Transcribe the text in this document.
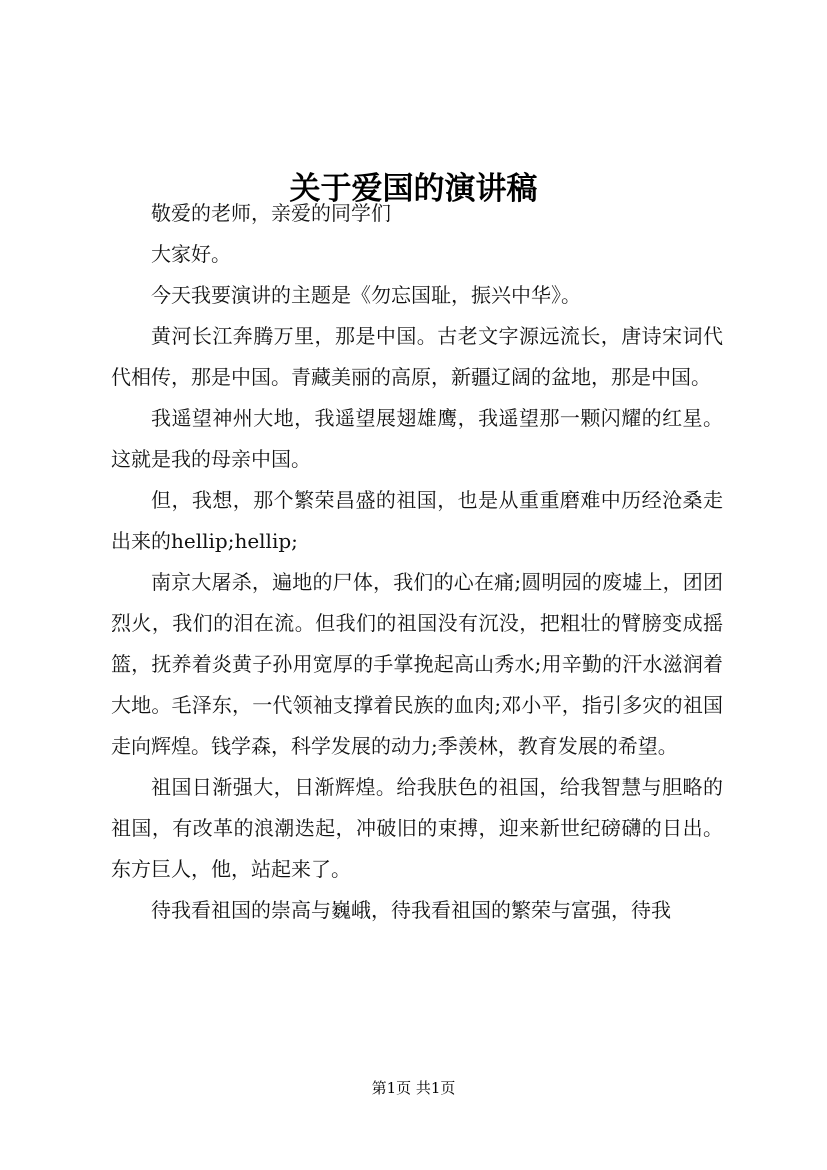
关于爱国的演讲稿

敬爱的老师，亲爱的同学们

大家好。

今天我要演讲的主题是《勿忘国耻，振兴中华》。

黄河长江奔腾万里，那是中国。古老文字源远流长，唐诗宋词代代相传，那是中国。青藏美丽的高原，新疆辽阔的盆地，那是中国。

我遥望神州大地，我遥望展翅雄鹰，我遥望那一颗闪耀的红星。这就是我的母亲中国。

但，我想，那个繁荣昌盛的祖国，也是从重重磨难中历经沧桑走出来的hellip;hellip;

南京大屠杀，遍地的尸体，我们的心在痛;圆明园的废墟上，团团烈火，我们的泪在流。但我们的祖国没有沉没，把粗壮的臂膀变成摇篮，抚养着炎黄子孙用宽厚的手掌挽起高山秀水;用辛勤的汗水滋润着大地。毛泽东，一代领袖支撑着民族的血肉;邓小平，指引多灾的祖国走向辉煌。钱学森，科学发展的动力;季羡林，教育发展的希望。

祖国日渐强大，日渐辉煌。给我肤色的祖国，给我智慧与胆略的祖国，有改革的浪潮迭起，冲破旧的束搏，迎来新世纪磅礴的日出。东方巨人，他，站起来了。

待我看祖国的崇高与巍峨，待我看祖国的繁荣与富强，待我

第1页 共1页
